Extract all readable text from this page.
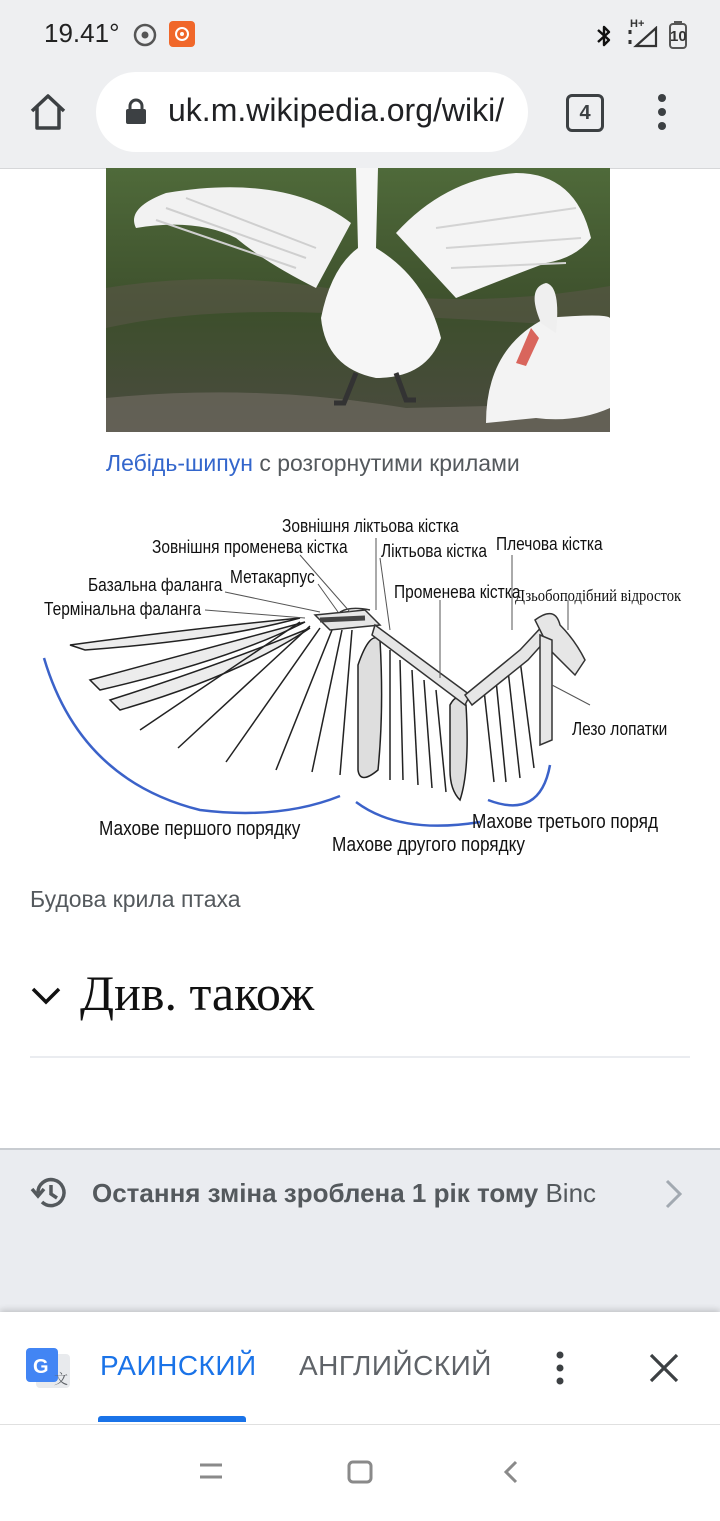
19.41°	H+
10
uk.m.wikipedia.org/wiki/	4
Лебідь-шипун с розгорнутими крилами
Зовнішня ліктьова кістка
Зовнішня променева кістка Ліктьова кістка Плечова кістка
Метакарпус
Базальна фаланга
Термінальна фаланга
Променева кістка
Дзьобоподібний відросток
Лезо лопатки
Махове першого порядку
Махове другого порядку
Махове третього поряд
Будова крила птаха
Див. також
Остання зміна зроблена 1 рік тому Binc
G
文 РАИНСКИЙ АНГЛИЙСКИЙ
